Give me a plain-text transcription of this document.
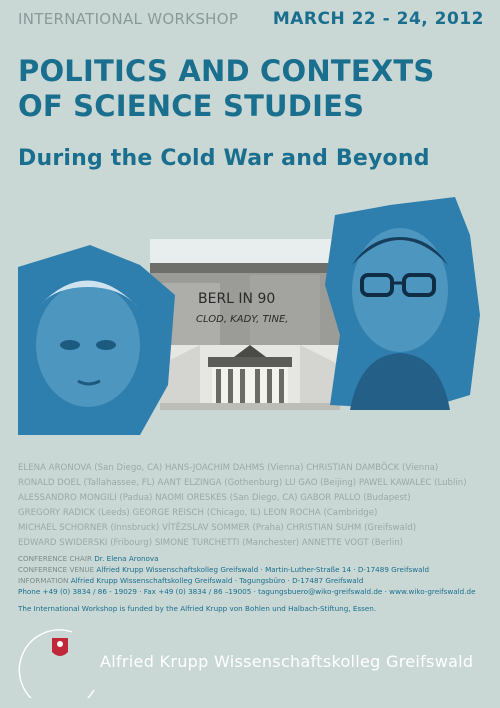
INTERNATIONAL WORKSHOP MARCH 22 - 24, 2012
POLITICS AND CONTEXTS
OF SCIENCE STUDIES
During the Cold War and Beyond
BERL IN 90
CLOD, KADY, TINE,
ELENA ARONOVA (San Diego, CA) HANS-JOACHIM DAHMS (Vienna) CHRISTIAN DAMBÖCK (Vienna)
RONALD DOEL (Tallahassee, FL) AANT ELZINGA (Gothenburg) LU GAO (Beijing) PAWEL KAWALEC (Lublin)
ALESSANDRO MONGILI (Padua) NAOMI ORESKES (San Diego, CA) GABOR PALLO (Budapest)
GREGORY RADICK (Leeds) GEORGE REISCH (Chicago, IL) LEON ROCHA (Cambridge)
MICHAEL SCHORNER (Innsbruck) VÍTĚZSLAV SOMMER (Praha) CHRISTIAN SUHM (Greifswald)
EDWARD SWIDERSKI (Fribourg) SIMONE TURCHETTI (Manchester) ANNETTE VOGT (Berlin)
CONFERENCE CHAIR Dr. Elena Aronova
CONFERENCE VENUE Alfried Krupp Wissenschaftskolleg Greifswald · Martin-Luther-Straße 14 · D-17489 Greifswald
INFORMATION Alfried Krupp Wissenschaftskolleg Greifswald · Tagungsbüro · D-17487 Greifswald
Phone +49 (0) 3834 / 86 - 19029 · Fax +49 (0) 3834 / 86 –19005 · tagungsbuero@wiko-greifswald.de · www.wiko-greifswald.de
The International Workshop is funded by the Alfried Krupp von Bohlen und Halbach-Stiftung, Essen.
Alfried Krupp Wissenschaftskolleg Greifswald
